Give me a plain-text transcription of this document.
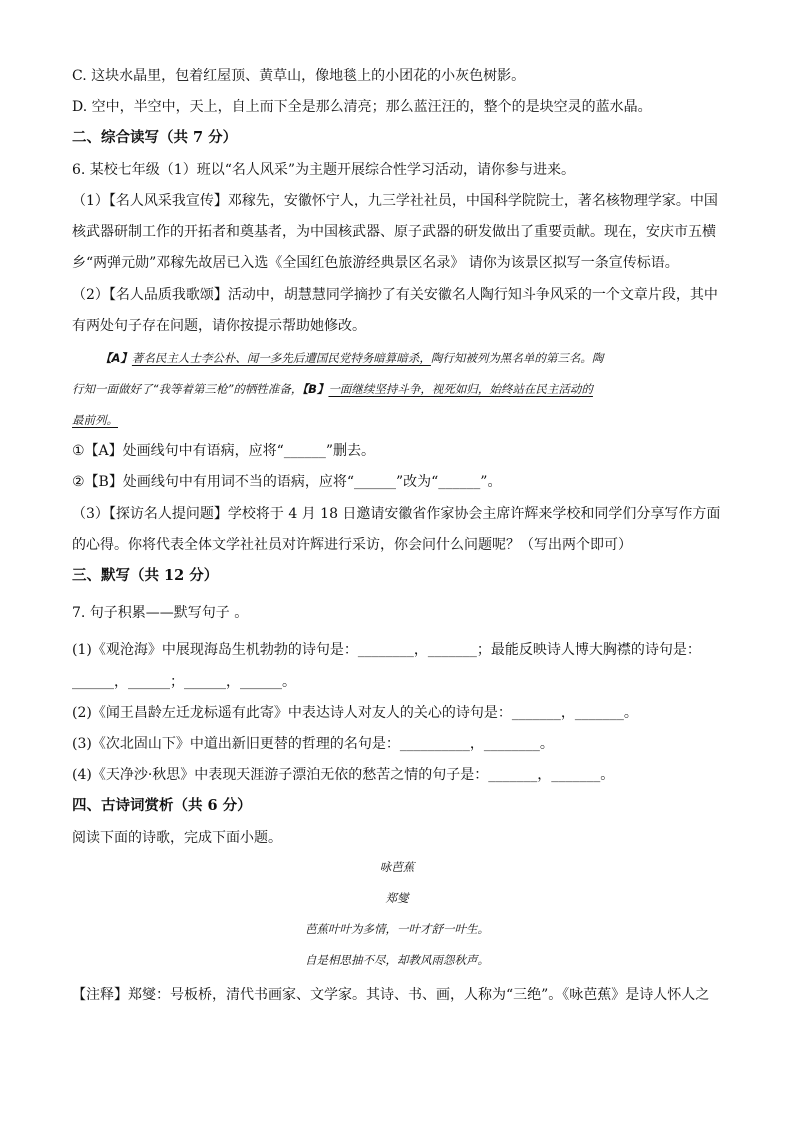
C. 这块水晶里，包着红屋顶、黄草山，像地毯上的小团花的小灰色树影。
D. 空中，半空中，天上，自上而下全是那么清亮；那么蓝汪汪的，整个的是块空灵的蓝水晶。
二、综合读写（共 7 分）
6. 某校七年级（1）班以“名人风采”为主题开展综合性学习活动，请你参与进来。
（1）【名人风采我宣传】邓稼先，安徽怀宁人，九三学社社员，中国科学院院士，著名核物理学家。中国
核武器研制工作的开拓者和奠基者，为中国核武器、原子武器的研发做出了重要贡献。现在，安庆市五横
乡“两弹元勋”邓稼先故居已入选《全国红色旅游经典景区名录》 请你为该景区拟写一条宣传标语。
（2）【名人品质我歌颂】活动中，胡慧慧同学摘抄了有关安徽名人陶行知斗争风采的一个文章片段，其中
有两处句子存在问题，请你按提示帮助她修改。
【A】著名民主人士李公朴、闻一多先后遭国民党特务暗算暗杀，陶行知被列为黑名单的第三名。陶
行知一面做好了“我等着第三枪”的牺牲准备，【B】一面继续坚持斗争，视死如归，始终站在民主活动的
最前列。
①【A】处画线句中有语病，应将“______”删去。
②【B】处画线句中有用词不当的语病，应将“______”改为“______”。
（3）【探访名人提问题】学校将于 4 月 18 日邀请安徽省作家协会主席许辉来学校和同学们分享写作方面
的心得。你将代表全体文学社社员对许辉进行采访，你会问什么问题呢？（写出两个即可）
三、默写（共 12 分）
7. 句子积累——默写句子 。
(1)《观沧海》中展现海岛生机勃勃的诗句是：________，_______；最能反映诗人博大胸襟的诗句是：
______，______；______，______。
(2)《闻王昌龄左迁龙标遥有此寄》中表达诗人对友人的关心的诗句是：_______，_______。
(3)《次北固山下》中道出新旧更替的哲理的名句是：__________，________。
(4)《天净沙·秋思》中表现天涯游子漂泊无依的愁苦之情的句子是：_______，_______。
四、古诗词赏析（共 6 分）
阅读下面的诗歌，完成下面小题。
咏芭蕉
郑燮
芭蕉叶叶为多情，一叶才舒一叶生。
自是相思抽不尽，却教风雨怨秋声。
【注释】郑燮：号板桥，清代书画家、文学家。其诗、书、画，人称为“三绝”。《咏芭蕉》是诗人怀人之
